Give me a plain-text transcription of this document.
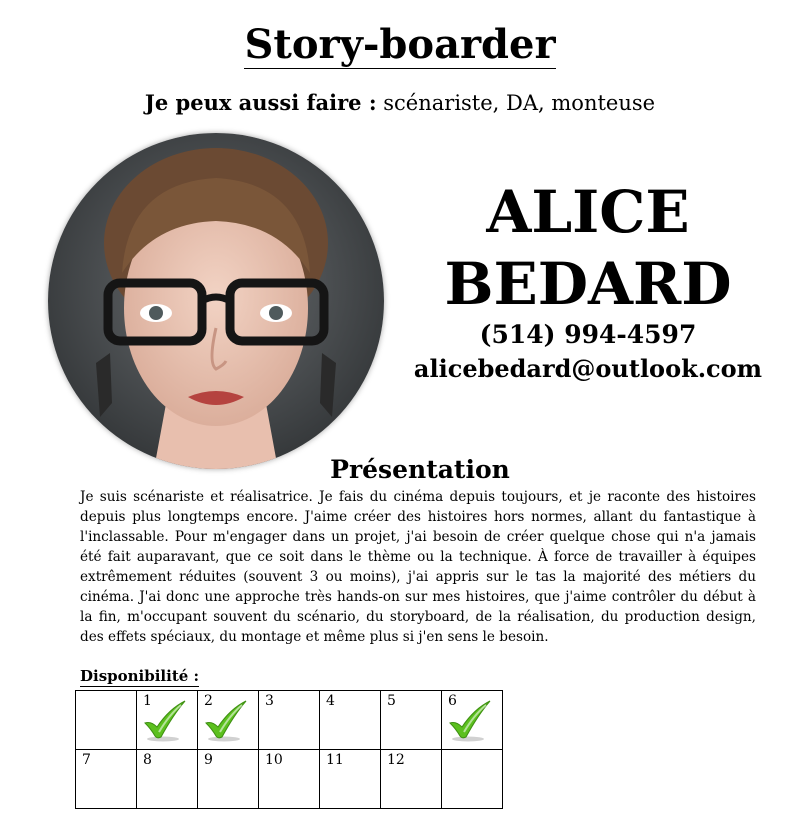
Story-boarder
Je peux aussi faire : scénariste, DA, monteuse
ALICE
BEDARD
(514) 994-4597
alicebedard@outlook.com
Présentation
Je suis scénariste et réalisatrice. Je fais du cinéma depuis toujours, et je raconte des histoires depuis plus longtemps encore. J'aime créer des histoires hors normes, allant du fantastique à l'inclassable. Pour m'engager dans un projet, j'ai besoin de créer quelque chose qui n'a jamais été fait auparavant, que ce soit dans le thème ou la technique. À force de travailler à équipes extrêmement réduites (souvent 3 ou moins), j'ai appris sur le tas la majorité des métiers du cinéma. J'ai donc une approche très hands-on sur mes histoires, que j'aime contrôler du début à la fin, m'occupant souvent du scénario, du storyboard, de la réalisation, du production design, des effets spéciaux, du montage et même plus si j'en sens le besoin.
Disponibilité :
	1	2	3	4	5	6

7	8	9	10	11	12	
